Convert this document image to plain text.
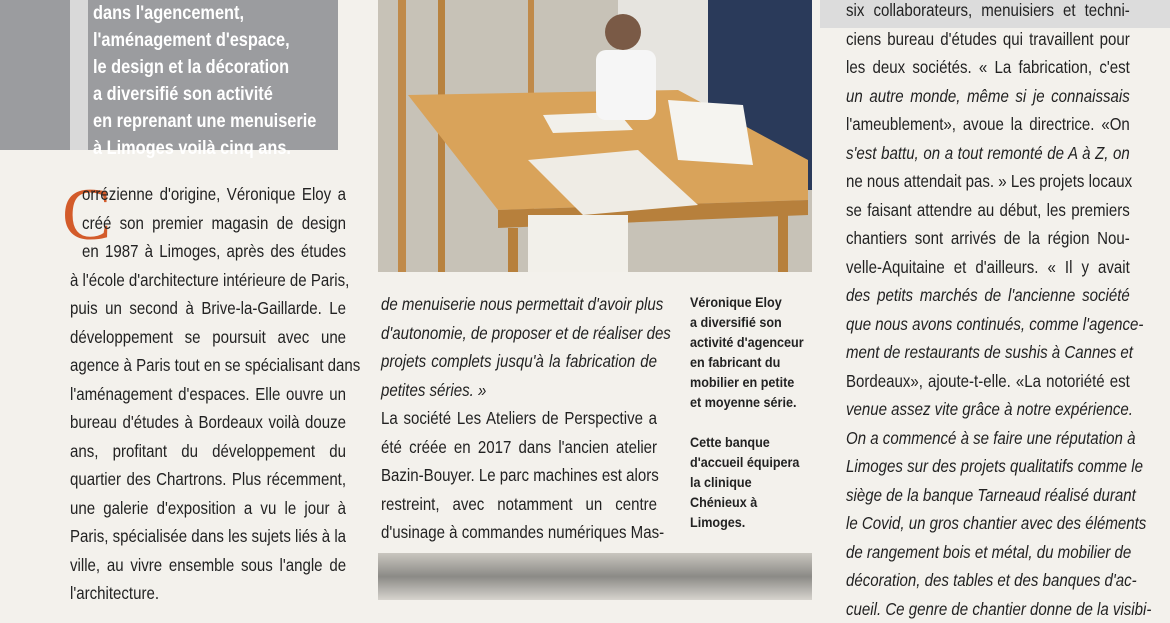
dans l'agencement,
l'aménagement d'espace,
le design et la décoration
a diversifié son activité
en reprenant une menuiserie
à Limoges voilà cinq ans.
C
orrézienne d'origine, Véronique Eloy a
créé son premier magasin de design
en 1987 à Limoges, après des études
à l'école d'architecture intérieure de Paris,
puis un second à Brive-la-Gaillarde. Le
développement se poursuit avec une
agence à Paris tout en se spécialisant dans
l'aménagement d'espaces. Elle ouvre un
bureau d'études à Bordeaux voilà douze
ans, profitant du développement du
quartier des Chartrons. Plus récemment,
une galerie d'exposition a vu le jour à
Paris, spécialisée dans les sujets liés à la
ville, au vivre ensemble sous l'angle de
l'architecture.
de menuiserie nous permettait d'avoir plus
d'autonomie, de proposer et de réaliser des
projets complets jusqu'à la fabrication de
petites séries. »
La société Les Ateliers de Perspective a
été créée en 2017 dans l'ancien atelier
Bazin-Bouyer. Le parc machines est alors
restreint, avec notamment un centre
d'usinage à commandes numériques Mas-
Véronique Eloy
a diversifié son
activité d'agenceur
en fabricant du
mobilier en petite
et moyenne série.
Cette banque
d'accueil équipera
la clinique
Chénieux à
Limoges.
six collaborateurs, menuisiers et techni-
ciens bureau d'études qui travaillent pour
les deux sociétés. « La fabrication, c'est
un autre monde, même si je connaissais
l'ameublement», avoue la directrice. «On
s'est battu, on a tout remonté de A à Z, on
ne nous attendait pas. » Les projets locaux
se faisant attendre au début, les premiers
chantiers sont arrivés de la région Nou-
velle-Aquitaine et d'ailleurs. « Il y avait
des petits marchés de l'ancienne société
que nous avons continués, comme l'agence-
ment de restaurants de sushis à Cannes et
Bordeaux», ajoute-t-elle. «La notoriété est
venue assez vite grâce à notre expérience.
On a commencé à se faire une réputation à
Limoges sur des projets qualitatifs comme le
siège de la banque Tarneaud réalisé durant
le Covid, un gros chantier avec des éléments
de rangement bois et métal, du mobilier de
décoration, des tables et des banques d'ac-
cueil. Ce genre de chantier donne de la visibi-
